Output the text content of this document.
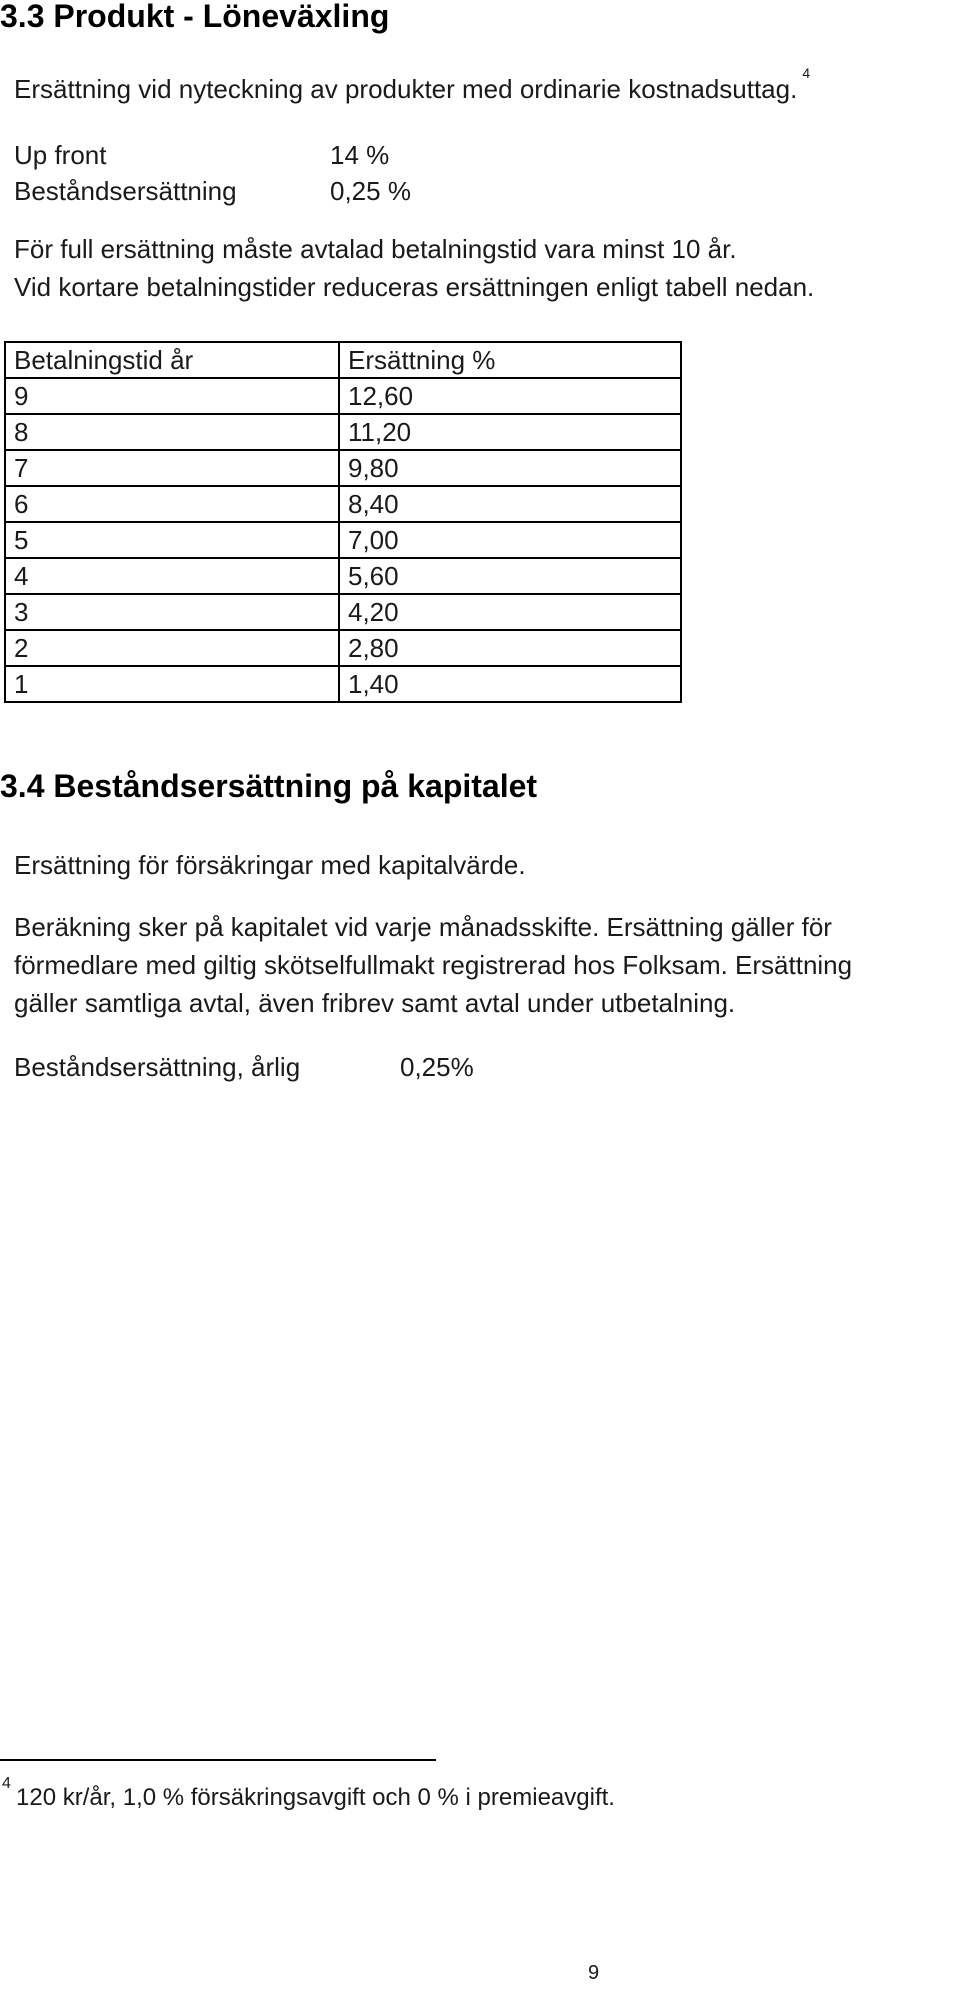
3.3 Produkt - Löneväxling

Ersättning vid nyteckning av produkter med ordinarie kostnadsuttag.$^4$

Up front	14 %

Beståndsersättning	0,25 %

För full ersättning måste avtalad betalningstid vara minst 10 år.

Vid kortare betalningstider reduceras ersättningen enligt tabell nedan.

Betalningstid år	Ersättning %
9	12,60
8	11,20
7	9,80
6	8,40
5	7,00
4	5,60
3	4,20
2	2,80
1	1,40
3.4 Beståndsersättning på kapitalet

Ersättning för försäkringar med kapitalvärde.

Beräkning sker på kapitalet vid varje månadsskifte. Ersättning gäller för

förmedlare med giltig skötselfullmakt registrerad hos Folksam. Ersättning

gäller samtliga avtal, även fribrev samt avtal under utbetalning.

Beståndsersättning, årlig	0,25%

4

120 kr/år, 1,0 % försäkringsavgift och 0 % i premieavgift.

9
